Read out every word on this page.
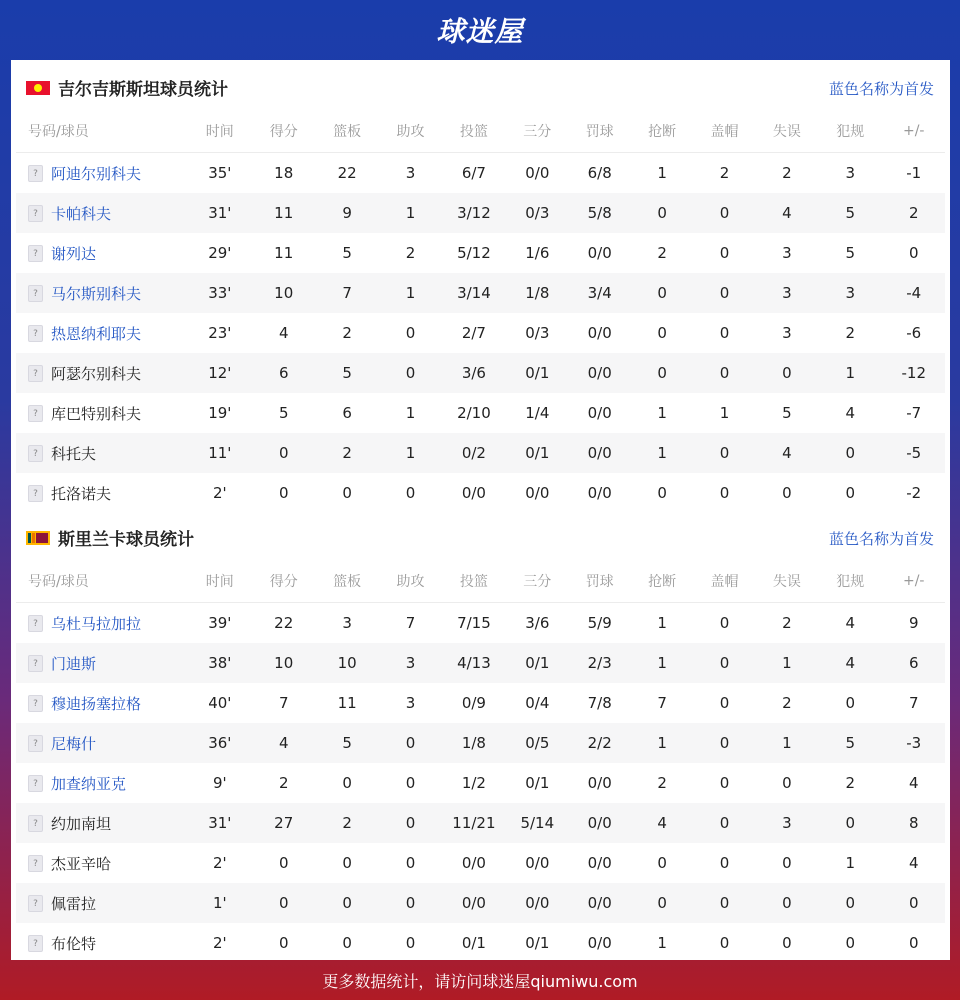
球迷屋
吉尔吉斯斯坦球员统计	蓝色名称为首发
号码/球员	时间	得分	篮板	助攻	投篮	三分	罚球	抢断	盖帽	失误	犯规	+/-
? 阿迪尔别科夫	35'	18	22	3	6/7	0/0	6/8	1	2	2	3	-1
? 卡帕科夫	31'	11	9	1	3/12	0/3	5/8	0	0	4	5	2
? 谢列达	29'	11	5	2	5/12	1/6	0/0	2	0	3	5	0
? 马尔斯别科夫	33'	10	7	1	3/14	1/8	3/4	0	0	3	3	-4
? 热恩纳利耶夫	23'	4	2	0	2/7	0/3	0/0	0	0	3	2	-6
? 阿瑟尔别科夫	12'	6	5	0	3/6	0/1	0/0	0	0	0	1	-12
? 库巴特别科夫	19'	5	6	1	2/10	1/4	0/0	1	1	5	4	-7
? 科托夫	11'	0	2	1	0/2	0/1	0/0	1	0	4	0	-5
? 托洛诺夫	2'	0	0	0	0/0	0/0	0/0	0	0	0	0	-2
斯里兰卡球员统计	蓝色名称为首发
号码/球员	时间	得分	篮板	助攻	投篮	三分	罚球	抢断	盖帽	失误	犯规	+/-
? 乌杜马拉加拉	39'	22	3	7	7/15	3/6	5/9	1	0	2	4	9
? 门迪斯	38'	10	10	3	4/13	0/1	2/3	1	0	1	4	6
? 穆迪扬塞拉格	40'	7	11	3	0/9	0/4	7/8	7	0	2	0	7
? 尼梅什	36'	4	5	0	1/8	0/5	2/2	1	0	1	5	-3
? 加查纳亚克	9'	2	0	0	1/2	0/1	0/0	2	0	0	2	4
? 约加南坦	31'	27	2	0	11/21	5/14	0/0	4	0	3	0	8
? 杰亚辛哈	2'	0	0	0	0/0	0/0	0/0	0	0	0	1	4
? 佩雷拉	1'	0	0	0	0/0	0/0	0/0	0	0	0	0	0
? 布伦特	2'	0	0	0	0/1	0/1	0/0	1	0	0	0	0
更多数据统计，请访问球迷屋qiumiwu.com
